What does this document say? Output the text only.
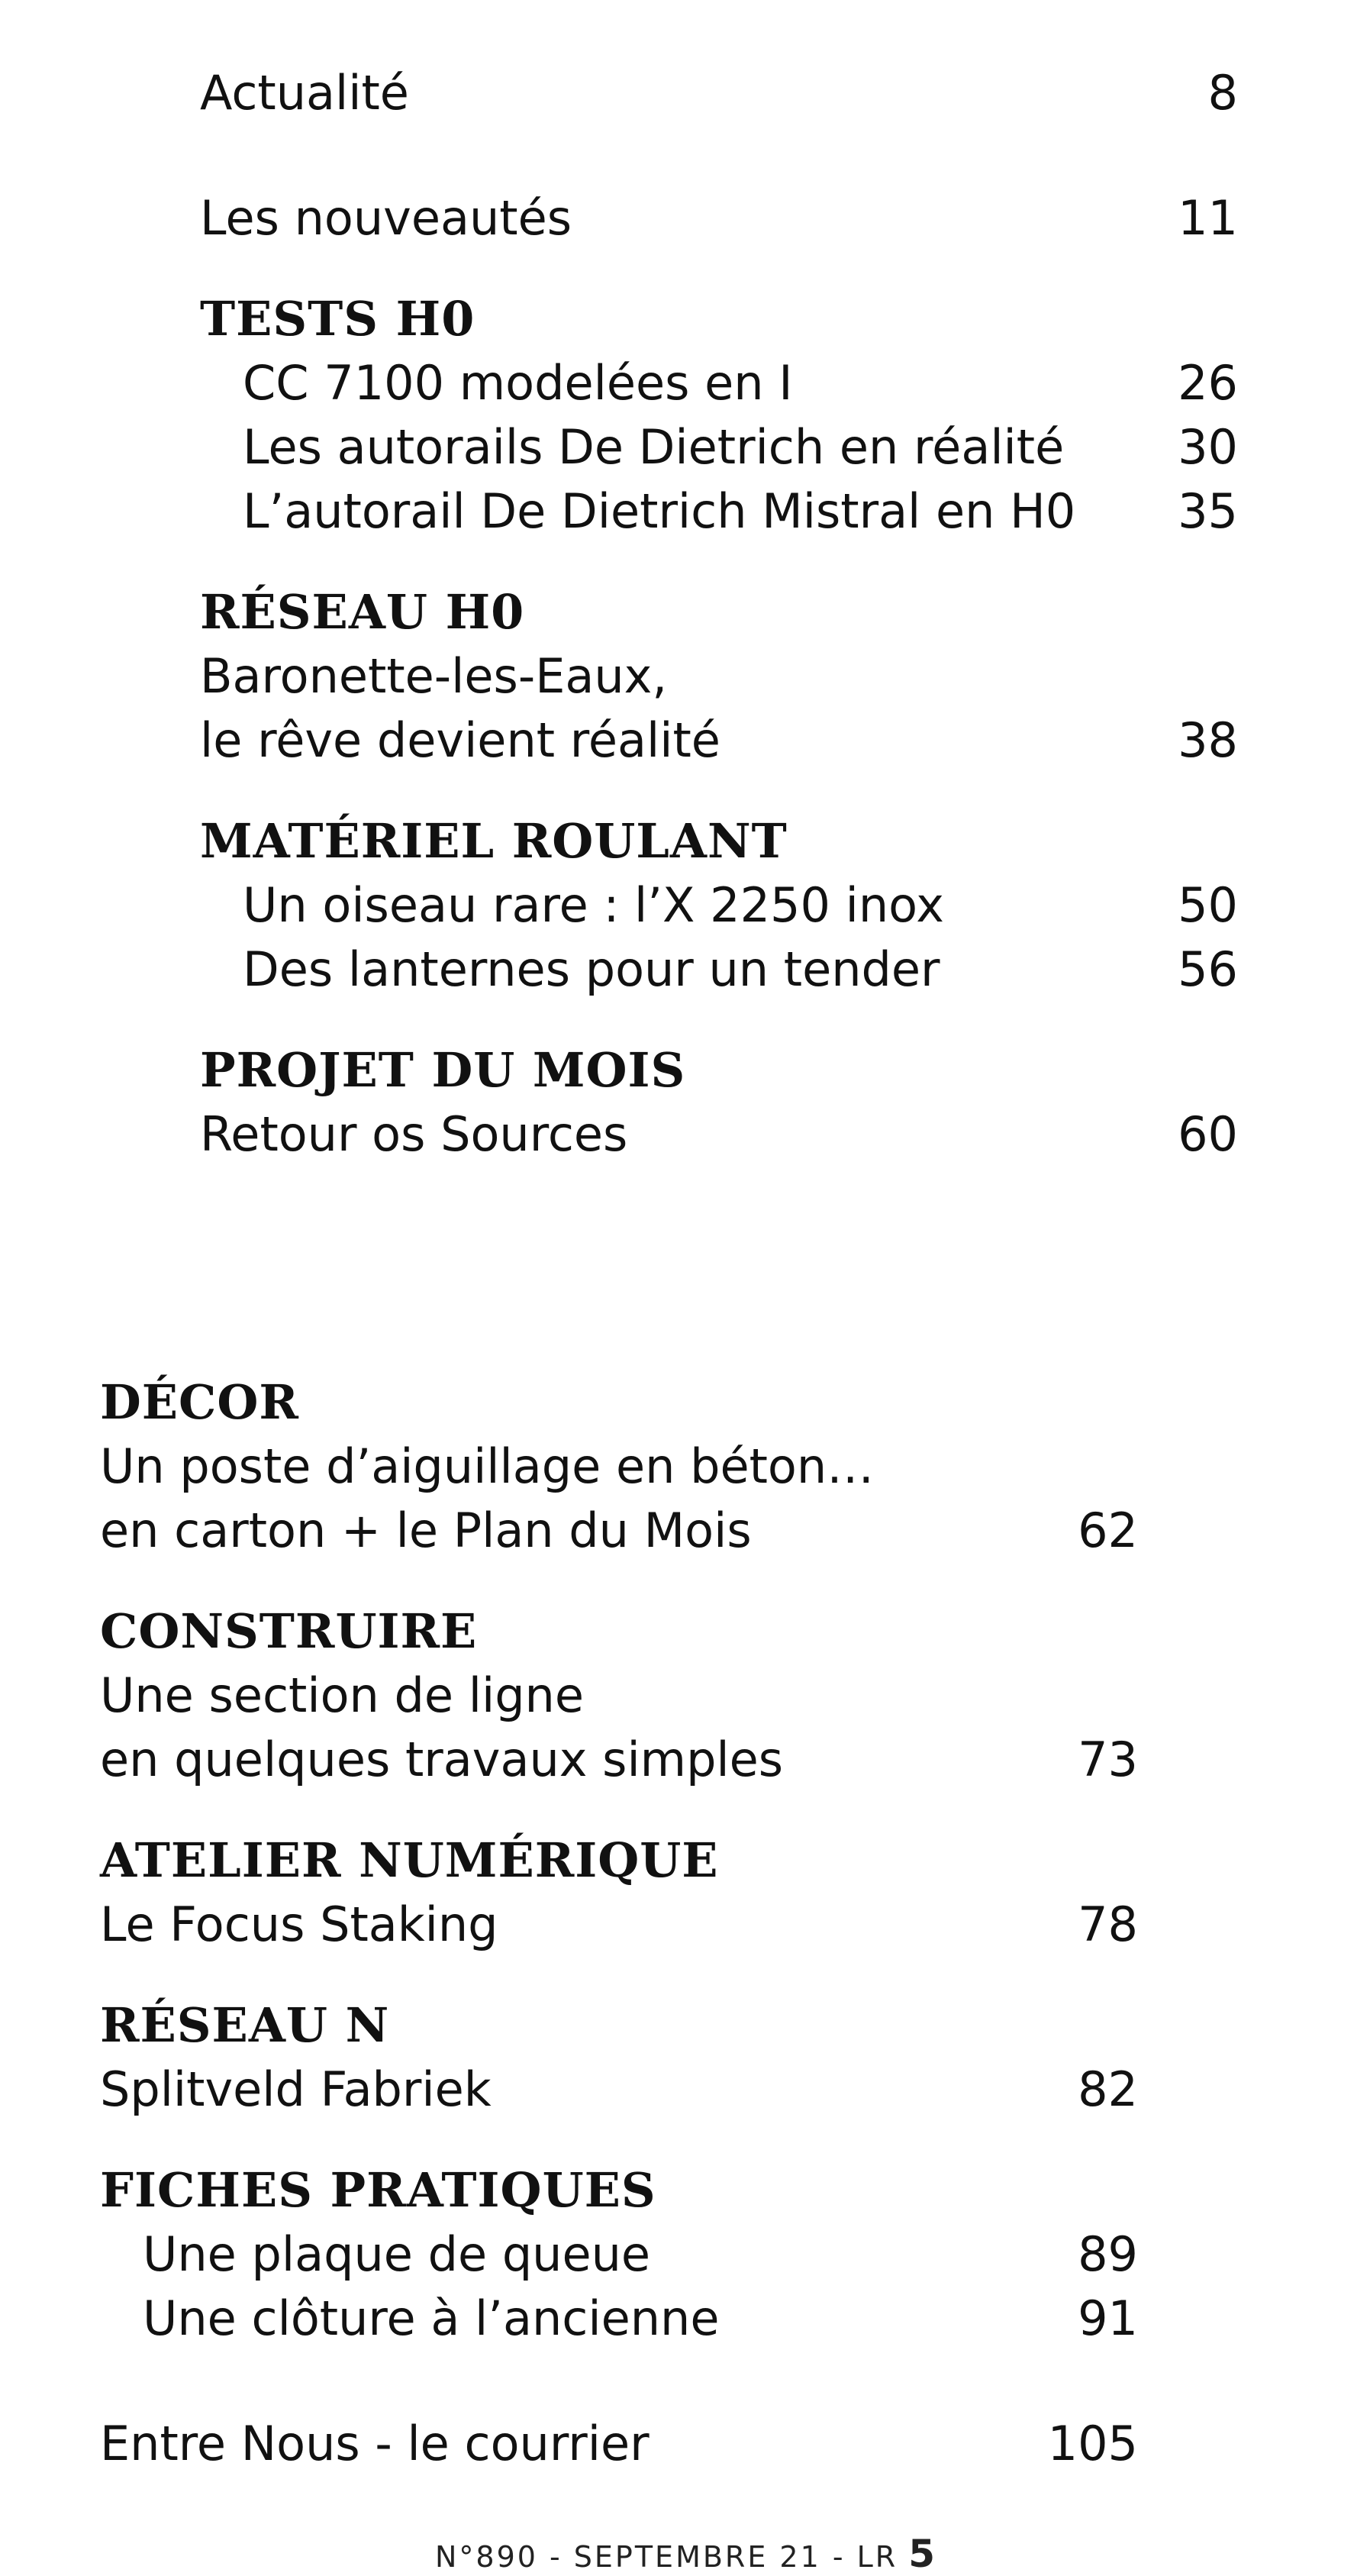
Actualité	8
Les nouveautés	11
TESTS H0
CC 7100 modelées en I	26
Les autorails De Dietrich en réalité	30
L’autorail De Dietrich Mistral en H0	35
RÉSEAU H0
Baronette-les-Eaux,
le rêve devient réalité	38
MATÉRIEL ROULANT
Un oiseau rare : l’X 2250 inox	50
Des lanternes pour un tender	56
PROJET DU MOIS
Retour os Sources	60
DÉCOR
Un poste d’aiguillage en béton…
en carton + le Plan du Mois	62
CONSTRUIRE
Une section de ligne
en quelques travaux simples	73
ATELIER NUMÉRIQUE
Le Focus Staking	78
RÉSEAU N
Splitveld Fabriek	82
FICHES PRATIQUES
Une plaque de queue	89
Une clôture à l’ancienne	91
Entre Nous - le courrier	105
N°890 - SEPTEMBRE 21 - LR 5
